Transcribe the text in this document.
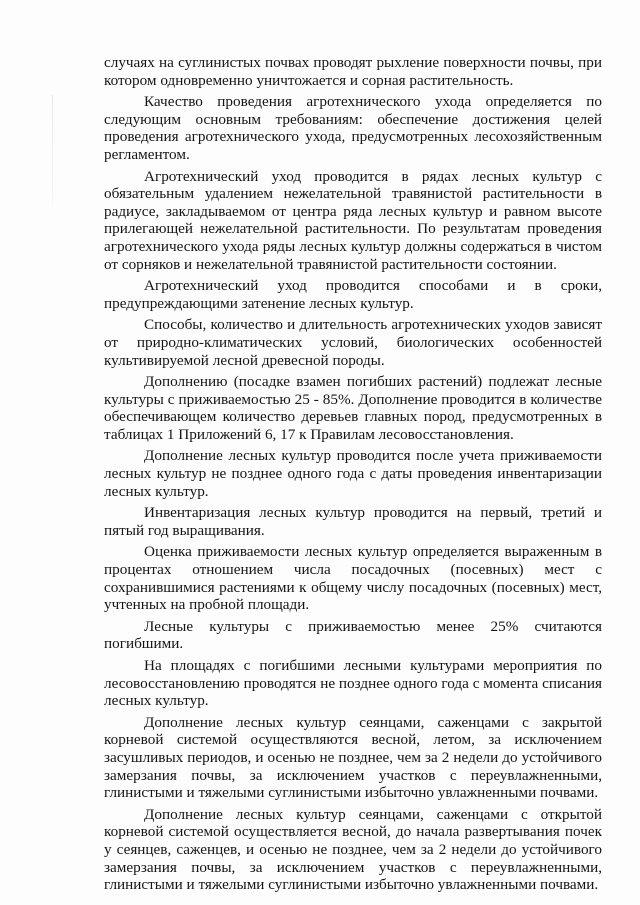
случаях на суглинистых почвах проводят рыхление поверхности почвы, при котором одновременно уничтожается и сорная растительность.

Качество проведения агротехнического ухода определяется по следующим основным требованиям: обеспечение достижения целей проведения агротехнического ухода, предусмотренных лесохозяйственным регламентом.

Агротехнический уход проводится в рядах лесных культур с обязательным удалением нежелательной травянистой растительности в радиусе, закладываемом от центра ряда лесных культур и равном высоте прилегающей нежелательной растительности. По результатам проведения агротехнического ухода ряды лесных культур должны содержаться в чистом от сорняков и нежелательной травянистой растительности состоянии.

Агротехнический уход проводится способами и в сроки, предупреждающими затенение лесных культур.

Способы, количество и длительность агротехнических уходов зависят от природно-климатических условий, биологических особенностей культивируемой лесной древесной породы.

Дополнению (посадке взамен погибших растений) подлежат лесные культуры с приживаемостью 25 - 85%. Дополнение проводится в количестве обеспечивающем количество деревьев главных пород, предусмотренных в таблицах 1 Приложений 6, 17 к Правилам лесовосстановления.

Дополнение лесных культур проводится после учета приживаемости лесных культур не позднее одного года с даты проведения инвентаризации лесных культур.

Инвентаризация лесных культур проводится на первый, третий и пятый год выращивания.

Оценка приживаемости лесных культур определяется выраженным в процентах отношением числа посадочных (посевных) мест с сохранившимися растениями к общему числу посадочных (посевных) мест, учтенных на пробной площади.

Лесные культуры с приживаемостью менее 25% считаются погибшими.

На площадях с погибшими лесными культурами мероприятия по лесовосстановлению проводятся не позднее одного года с момента списания лесных культур.

Дополнение лесных культур сеянцами, саженцами с закрытой корневой системой осуществляются весной, летом, за исключением засушливых периодов, и осенью не позднее, чем за 2 недели до устойчивого замерзания почвы, за исключением участков с переувлажненными, глинистыми и тяжелыми суглинистыми избыточно увлажненными почвами.

Дополнение лесных культур сеянцами, саженцами с открытой корневой системой осуществляется весной, до начала развертывания почек у сеянцев, саженцев, и осенью не позднее, чем за 2 недели до устойчивого замерзания почвы, за исключением участков с переувлажненными, глинистыми и тяжелыми суглинистыми избыточно увлажненными почвами.
